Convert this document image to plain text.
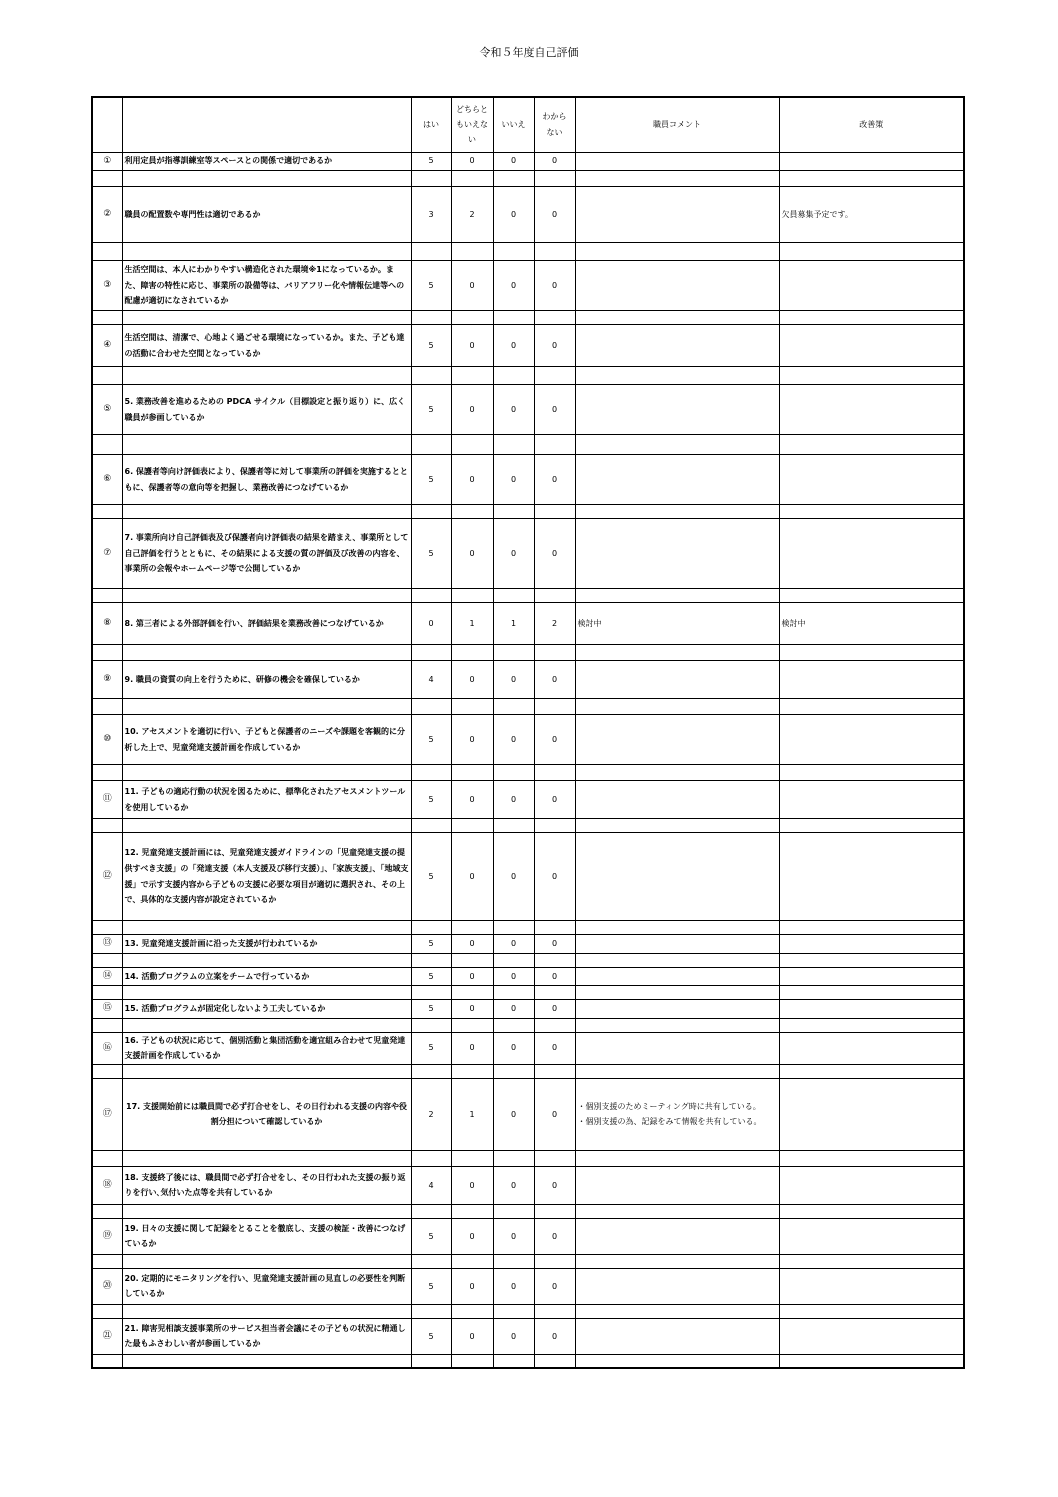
令和５年度自己評価
		はい	どちらともいえない	いいえ	わからない	職員コメント	改善策
①	利用定員が指導訓練室等スペースとの関係で適切であるか	5	0	0	0		

②	職員の配置数や専門性は適切であるか	3	2	0	0		欠員募集予定です。

③	生活空間は、本人にわかりやすい構造化された環境※1になっているか。また、障害の特性に応じ、事業所の設備等は、バリアフリー化や情報伝達等への配慮が適切になされているか	5	0	0	0		

④	生活空間は、清潔で、心地よく過ごせる環境になっているか。また、子ども達の活動に合わせた空間となっているか	5	0	0	0		

⑤	5. 業務改善を進めるための PDCA サイクル（目標設定と振り返り）に、広く職員が参画しているか	5	0	0	0		

⑥	6. 保護者等向け評価表により、保護者等に対して事業所の評価を実施するとともに、保護者等の意向等を把握し、業務改善につなげているか	5	0	0	0		

⑦	7. 事業所向け自己評価表及び保護者向け評価表の結果を踏まえ、事業所として自己評価を行うとともに、その結果による支援の質の評価及び改善の内容を、事業所の会報やホームページ等で公開しているか	5	0	0	0		

⑧	8. 第三者による外部評価を行い、評価結果を業務改善につなげているか	0	1	1	2	検討中	検討中

⑨	9. 職員の資質の向上を行うために、研修の機会を確保しているか	4	0	0	0		

⑩	10. アセスメントを適切に行い、子どもと保護者のニーズや課題を客観的に分析した上で、児童発達支援計画を作成しているか	5	0	0	0		

⑪	11. 子どもの適応行動の状況を図るために、標準化されたアセスメントツールを使用しているか	5	0	0	0		

⑫	12. 児童発達支援計画には、児童発達支援ガイドラインの「児童発達支援の提供すべき支援」の「発達支援（本人支援及び移行支援）」、「家族支援」、「地域支援」で示す支援内容から子どもの支援に必要な項目が適切に選択され、その上で、具体的な支援内容が設定されているか	5	0	0	0		

⑬	13. 児童発達支援計画に沿った支援が行われているか	5	0	0	0		

⑭	14. 活動プログラムの立案をチームで行っているか	5	0	0	0		

⑮	15. 活動プログラムが固定化しないよう工夫しているか	5	0	0	0		

⑯	16. 子どもの状況に応じて、個別活動と集団活動を適宜組み合わせて児童発達支援計画を作成しているか	5	0	0	0		

⑰	17. 支援開始前には職員間で必ず打合せをし、その日行われる支援の内容や役割分担について確認しているか	2	1	0	0	・個別支援のためミーティング時に共有している。
・個別支援の為、記録をみて情報を共有している。	

⑱	18. 支援終了後には、職員間で必ず打合せをし、その日行われた支援の振り返りを行い､気付いた点等を共有しているか	4	0	0	0		

⑲	19. 日々の支援に関して記録をとることを徹底し、支援の検証・改善につなげているか	5	0	0	0		

⑳	20. 定期的にモニタリングを行い、児童発達支援計画の見直しの必要性を判断しているか	5	0	0	0		

㉑	21. 障害児相談支援事業所のサービス担当者会議にその子どもの状況に精通した最もふさわしい者が参画しているか	5	0	0	0		
